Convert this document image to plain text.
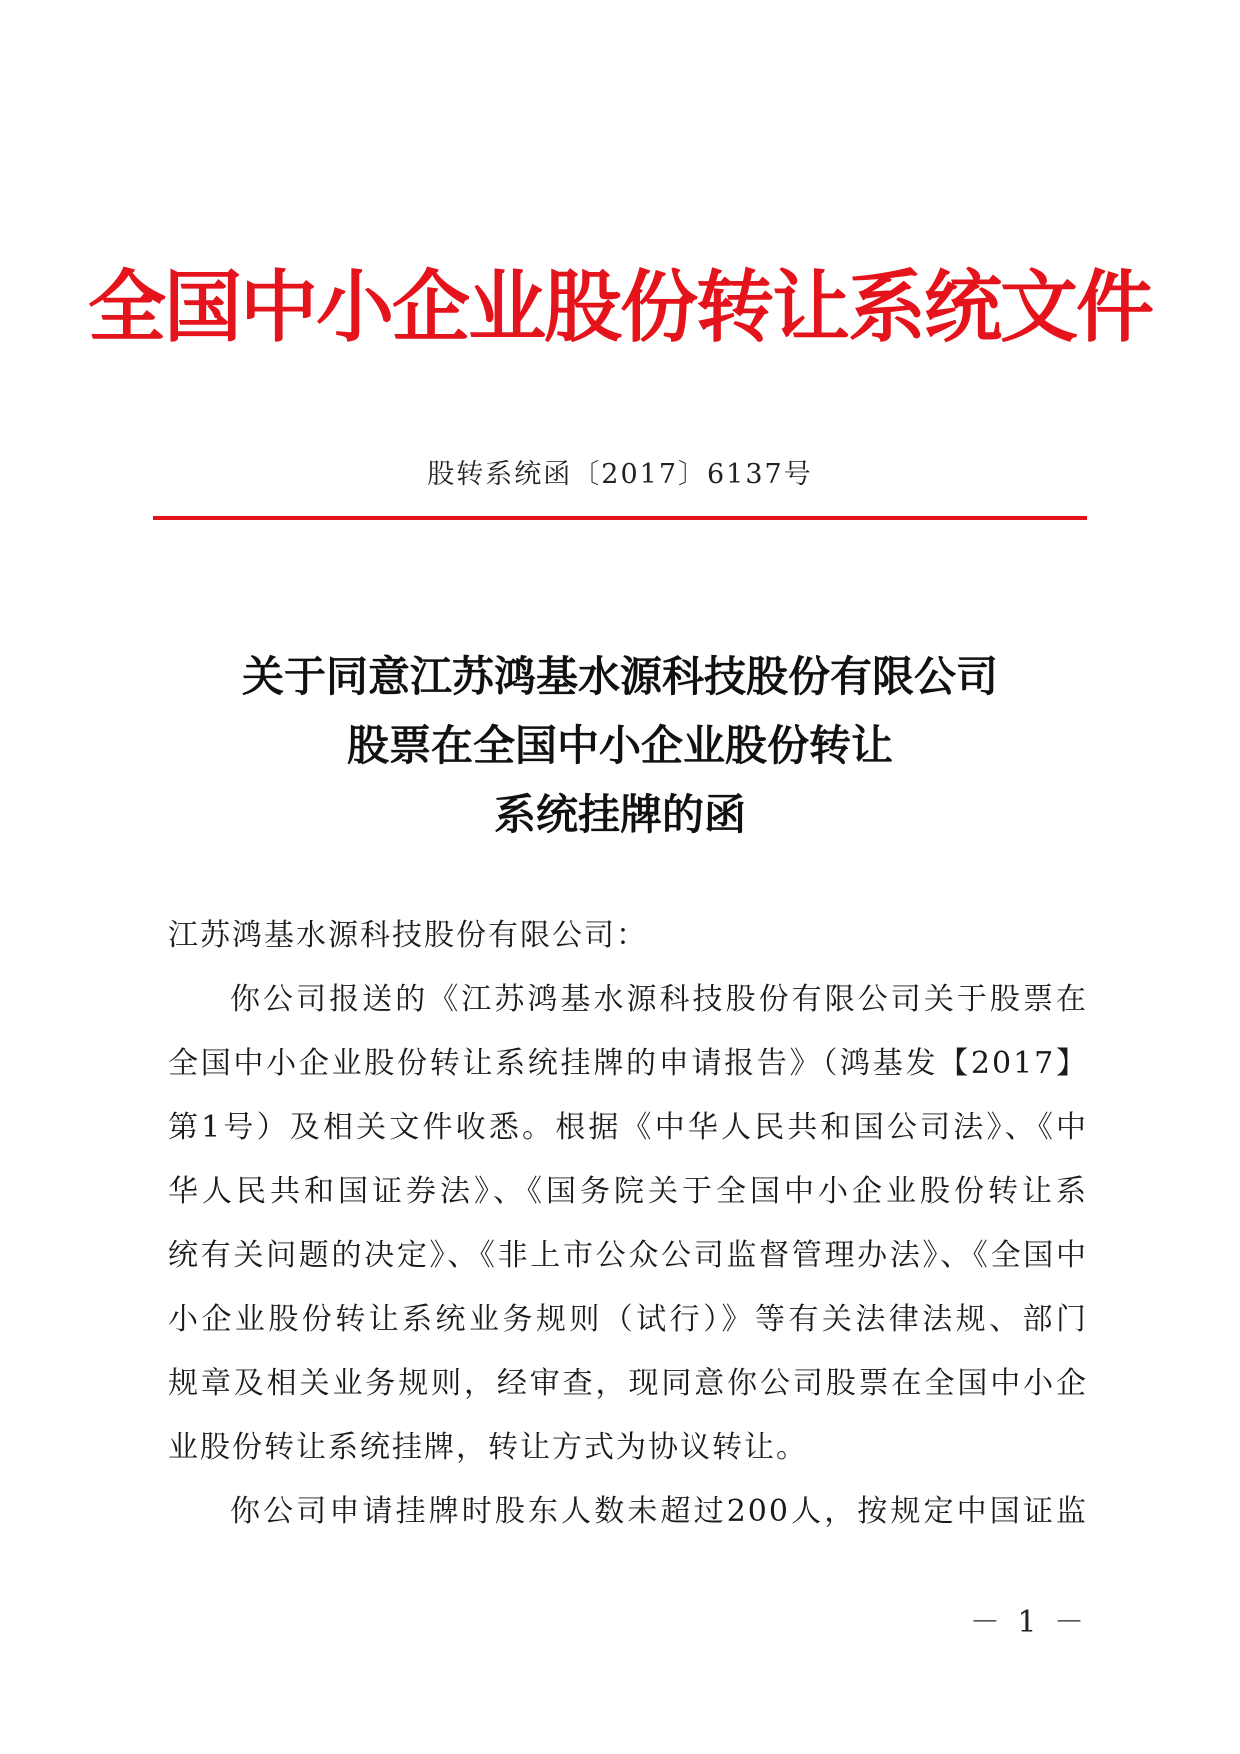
全国中小企业股份转让系统文件
股转系统函〔2017〕6137号
关于同意江苏鸿基水源科技股份有限公司
股票在全国中小企业股份转让
系统挂牌的函
江苏鸿基水源科技股份有限公司：
你公司报送的《江苏鸿基水源科技股份有限公司关于股票在
全国中小企业股份转让系统挂牌的申请报告》（鸿基发【2017】
第1号）及相关文件收悉。根据《中华人民共和国公司法》、《中
华人民共和国证券法》、《国务院关于全国中小企业股份转让系
统有关问题的决定》、《非上市公众公司监督管理办法》、《全国中
小企业股份转让系统业务规则（试行）》等有关法律法规、部门
规章及相关业务规则，经审查，现同意你公司股票在全国中小企
业股份转让系统挂牌，转让方式为协议转让。
你公司申请挂牌时股东人数未超过200人，按规定中国证监
－ 1 －
